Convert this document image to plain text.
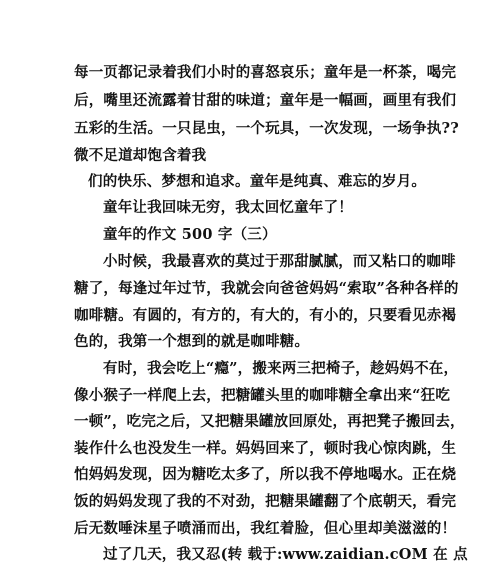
每一页都记录着我们小时的喜怒哀乐；童年是一杯茶，喝完
后，嘴里还流露着甘甜的味道；童年是一幅画，画里有我们
五彩的生活。一只昆虫，一个玩具，一次发现，一场争执??
微不足道却饱含着我
们的快乐、梦想和追求。童年是纯真、难忘的岁月。
童年让我回味无穷，我太回忆童年了！
童年的作文 500 字（三）
小时候，我最喜欢的莫过于那甜腻腻，而又粘口的咖啡
糖了，每逢过年过节，我就会向爸爸妈妈“索取”各种各样的
咖啡糖。有圆的，有方的，有大的，有小的，只要看见赤褐
色的，我第一个想到的就是咖啡糖。
有时，我会吃上“瘾”，搬来两三把椅子，趁妈妈不在，
像小猴子一样爬上去，把糖罐头里的咖啡糖全拿出来“狂吃
一顿”，吃完之后，又把糖果罐放回原处，再把凳子搬回去，
装作什么也没发生一样。妈妈回来了，顿时我心惊肉跳，生
怕妈妈发现，因为糖吃太多了，所以我不停地喝水。正在烧
饭的妈妈发现了我的不对劲，把糖果罐翻了个底朝天，看完
后无数唾沫星子喷涌而出，我红着脸，但心里却美滋滋的！
过了几天，我又忍(转 载于:www.zaidian.cOM 在 点
